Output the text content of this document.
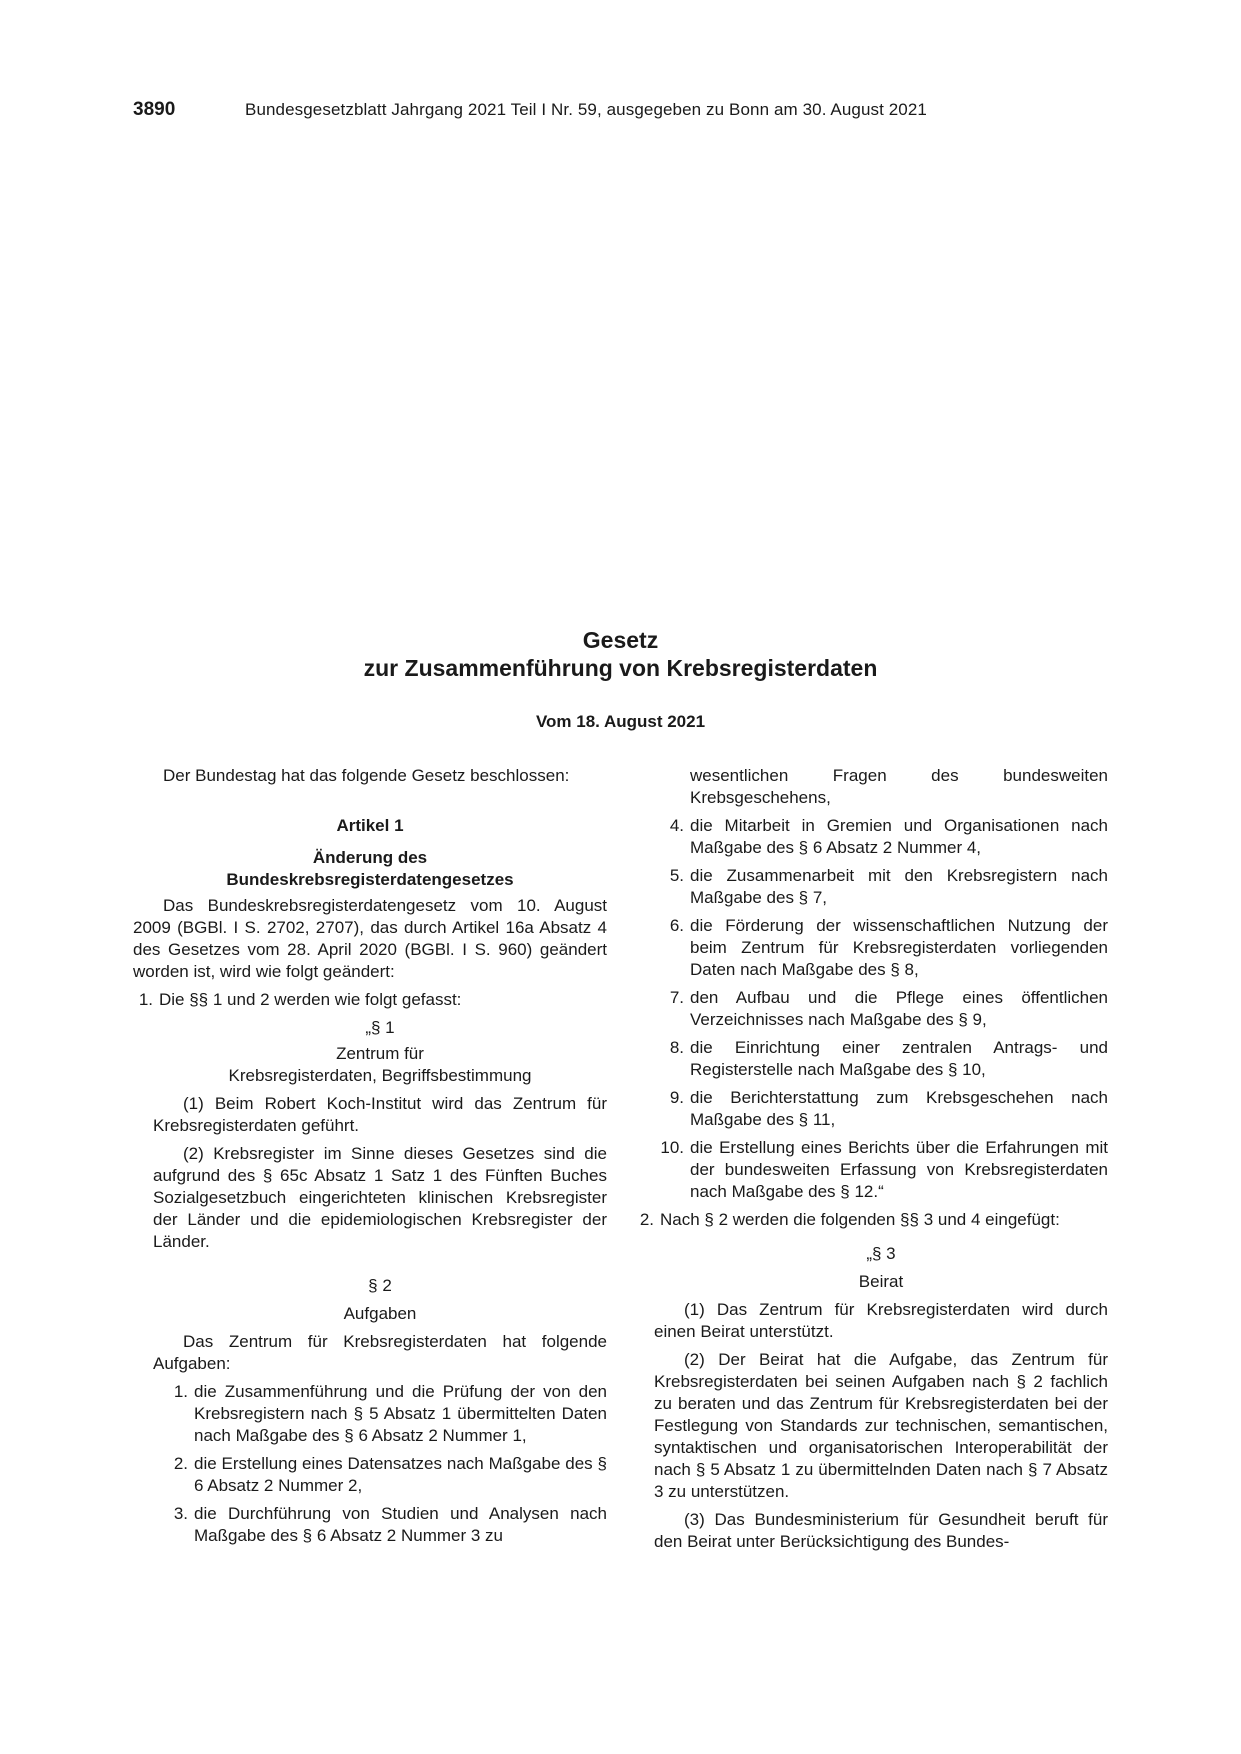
3890	Bundesgesetzblatt Jahrgang 2021 Teil I Nr. 59, ausgegeben zu Bonn am 30. August 2021
Gesetz
zur Zusammenführung von Krebsregisterdaten
Vom 18. August 2021

Der Bundestag hat das folgende Gesetz beschlossen:

Artikel 1

Änderung des

Bundeskrebsregisterdatengesetzes

Das Bundeskrebsregisterdatengesetz vom 10. August 2009 (BGBl. I S. 2702, 2707), das durch Artikel 16a Absatz 4 des Gesetzes vom 28. April 2020 (BGBl. I S. 960) geändert worden ist, wird wie folgt geändert:

1. Die §§ 1 und 2 werden wie folgt gefasst:

„§ 1

Zentrum für

Krebsregisterdaten, Begriffsbestimmung

(1) Beim Robert Koch-Institut wird das Zentrum für Krebsregisterdaten geführt.

(2) Krebsregister im Sinne dieses Gesetzes sind die aufgrund des § 65c Absatz 1 Satz 1 des Fünften Buches Sozialgesetzbuch eingerichteten klinischen Krebsregister der Länder und die epidemiologischen Krebsregister der Länder.

§ 2

Aufgaben

Das Zentrum für Krebsregisterdaten hat folgende Aufgaben:

1. die Zusammenführung und die Prüfung der von den Krebsregistern nach § 5 Absatz 1 übermittelten Daten nach Maßgabe des § 6 Absatz 2 Nummer 1,
2. die Erstellung eines Datensatzes nach Maßgabe des § 6 Absatz 2 Nummer 2,
3. die Durchführung von Studien und Analysen nach Maßgabe des § 6 Absatz 2 Nummer 3 zu

wesentlichen Fragen des bundesweiten Krebsgeschehens,

4. die Mitarbeit in Gremien und Organisationen nach Maßgabe des § 6 Absatz 2 Nummer 4,
5. die Zusammenarbeit mit den Krebsregistern nach Maßgabe des § 7,
6. die Förderung der wissenschaftlichen Nutzung der beim Zentrum für Krebsregisterdaten vorliegenden Daten nach Maßgabe des § 8,
7. den Aufbau und die Pflege eines öffentlichen Verzeichnisses nach Maßgabe des § 9,
8. die Einrichtung einer zentralen Antrags- und Registerstelle nach Maßgabe des § 10,
9. die Berichterstattung zum Krebsgeschehen nach Maßgabe des § 11,
10. die Erstellung eines Berichts über die Erfahrungen mit der bundesweiten Erfassung von Krebsregisterdaten nach Maßgabe des § 12.“
2. Nach § 2 werden die folgenden §§ 3 und 4 eingefügt:

„§ 3

Beirat

(1) Das Zentrum für Krebsregisterdaten wird durch einen Beirat unterstützt.

(2) Der Beirat hat die Aufgabe, das Zentrum für Krebsregisterdaten bei seinen Aufgaben nach § 2 fachlich zu beraten und das Zentrum für Krebsregisterdaten bei der Festlegung von Standards zur technischen, semantischen, syntaktischen und organisatorischen Interoperabilität der nach § 5 Absatz 1 zu übermittelnden Daten nach § 7 Absatz 3 zu unterstützen.

(3) Das Bundesministerium für Gesundheit beruft für den Beirat unter Berücksichtigung des Bundes-
